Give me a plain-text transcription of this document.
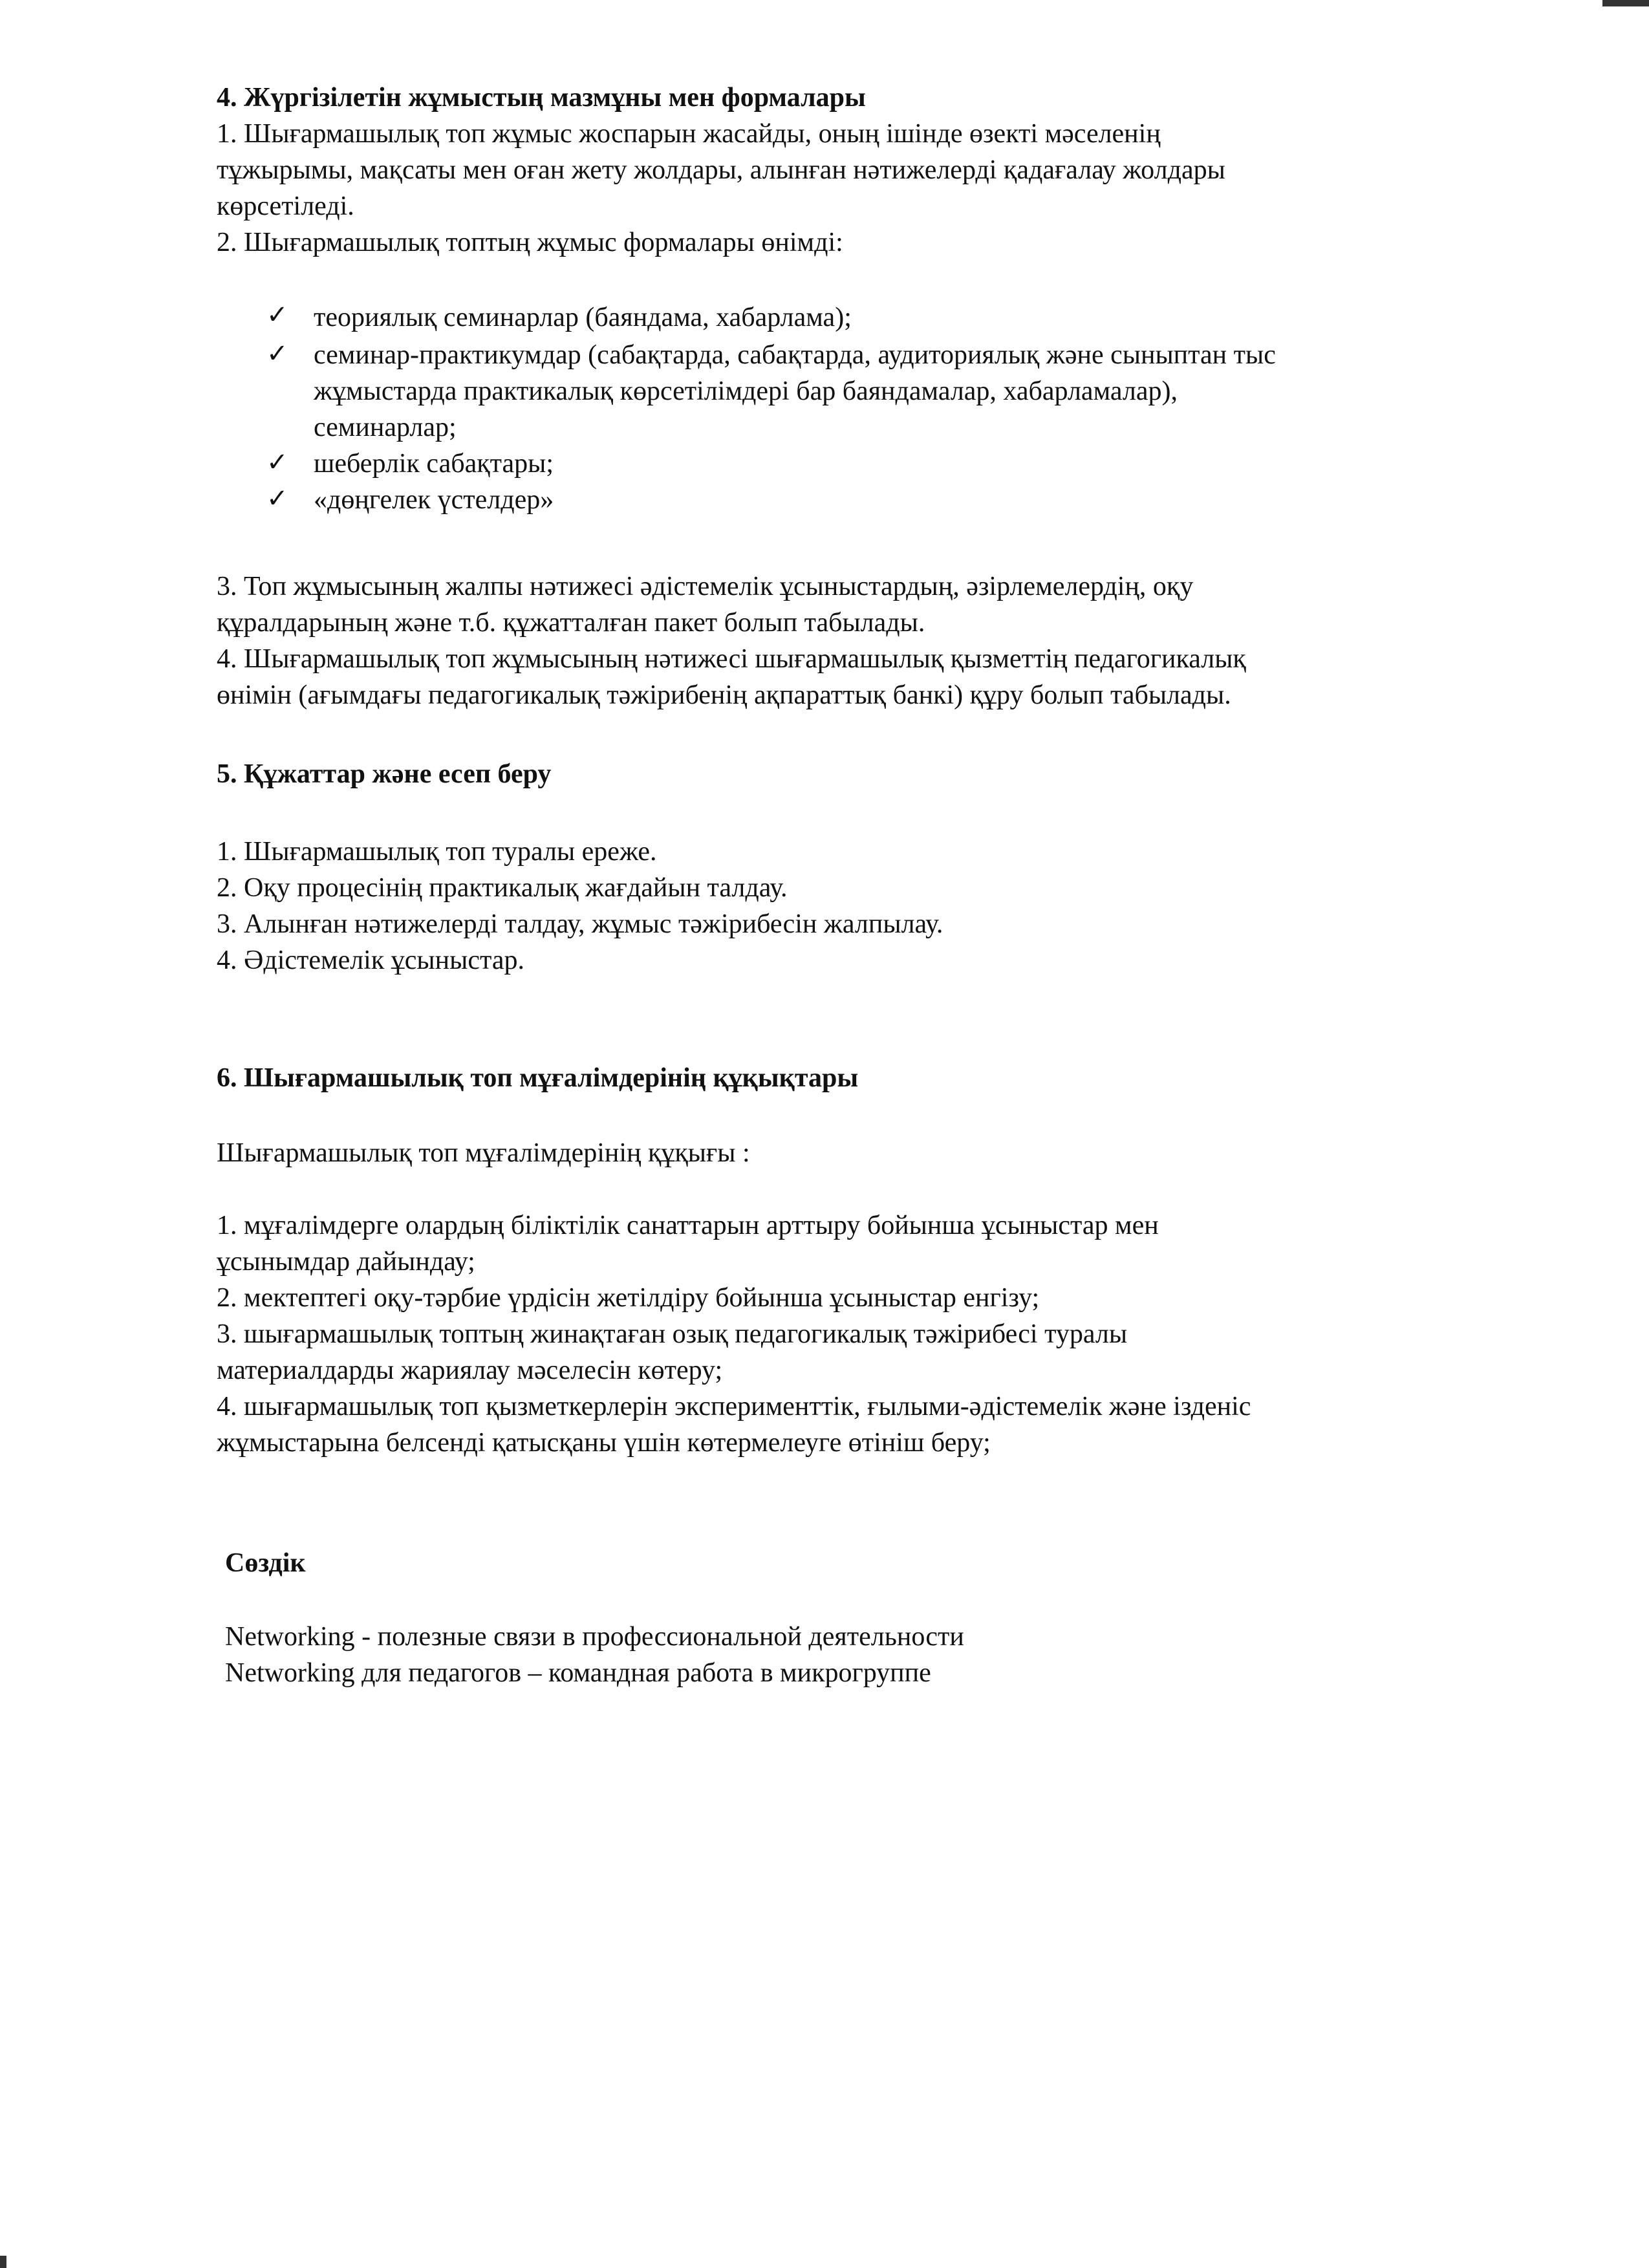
4. Жүргізілетін жұмыстың мазмұны мен формалары
1. Шығармашылық топ жұмыс жоспарын жасайды, оның ішінде өзекті мәселенің
тұжырымы, мақсаты мен оған жету жолдары, алынған нәтижелерді қадағалау жолдары
көрсетіледі.
2. Шығармашылық топтың жұмыс формалары өнімді:
✓ теориялық семинарлар (баяндама, хабарлама);
✓ семинар-практикумдар (сабақтарда, сабақтарда, аудиториялық және сыныптан тыс
жұмыстарда практикалық көрсетілімдері бар баяндамалар, хабарламалар),
семинарлар;
✓ шеберлік сабақтары;
✓ «дөңгелек үстелдер»
3. Топ жұмысының жалпы нәтижесі әдістемелік ұсыныстардың, әзірлемелердің, оқу
құралдарының және т.б. құжатталған пакет болып табылады.
4. Шығармашылық топ жұмысының нәтижесі шығармашылық қызметтің педагогикалық
өнімін (ағымдағы педагогикалық тәжірибенің ақпараттық банкі) құру болып табылады.
5. Құжаттар және есеп беру
1. Шығармашылық топ туралы ереже.
2. Оқу процесінің практикалық жағдайын талдау.
3. Алынған нәтижелерді талдау, жұмыс тәжірибесін жалпылау.
4. Әдістемелік ұсыныстар.
6. Шығармашылық топ мұғалімдерінің құқықтары
Шығармашылық топ мұғалімдерінің құқығы :
1. мұғалімдерге олардың біліктілік санаттарын арттыру бойынша ұсыныстар мен
ұсынымдар дайындау;
2. мектептегі оқу-тәрбие үрдісін жетілдіру бойынша ұсыныстар енгізу;
3. шығармашылық топтың жинақтаған озық педагогикалық тәжірибесі туралы
материалдарды жариялау мәселесін көтеру;
4. шығармашылық топ қызметкерлерін эксперименттік, ғылыми-әдістемелік және ізденіс
жұмыстарына белсенді қатысқаны үшін көтермелеуге өтініш беру;
Сөздік
Networking - полезные связи в профессиональной деятельности
Networking для педагогов – командная работа в микрогруппе
